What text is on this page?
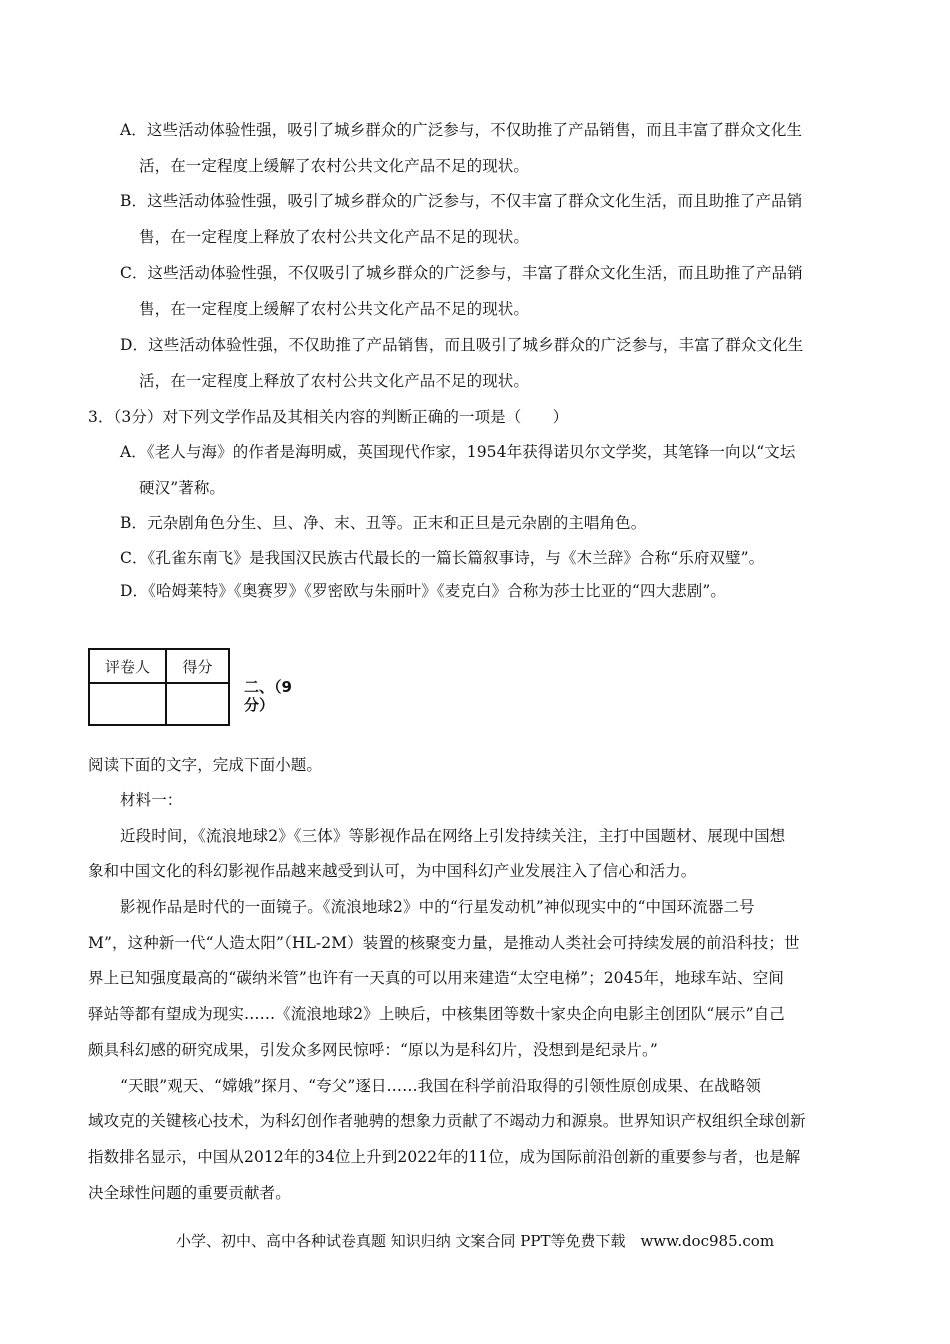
A．这些活动体验性强，吸引了城乡群众的广泛参与，不仅助推了产品销售，而且丰富了群众文化生
活，在一定程度上缓解了农村公共文化产品不足的现状。
B．这些活动体验性强，吸引了城乡群众的广泛参与，不仅丰富了群众文化生活，而且助推了产品销
售，在一定程度上释放了农村公共文化产品不足的现状。
C．这些活动体验性强，不仅吸引了城乡群众的广泛参与，丰富了群众文化生活，而且助推了产品销
售，在一定程度上缓解了农村公共文化产品不足的现状。
D．这些活动体验性强，不仅助推了产品销售，而且吸引了城乡群众的广泛参与，丰富了群众文化生
活，在一定程度上释放了农村公共文化产品不足的现状。
3．（3分）对下列文学作品及其相关内容的判断正确的一项是（　　）
A．《老人与海》的作者是海明威，英国现代作家，1954年获得诺贝尔文学奖，其笔锋一向以“文坛
硬汉”著称。
B．元杂剧角色分生、旦、净、末、丑等。正末和正旦是元杂剧的主唱角色。
C．《孔雀东南飞》是我国汉民族古代最长的一篇长篇叙事诗，与《木兰辞》合称“乐府双璧”。
D．《哈姆莱特》《奥赛罗》《罗密欧与朱丽叶》《麦克白》合称为莎士比亚的“四大悲剧”。
评卷人	得分

二、（9分）
阅读下面的文字，完成下面小题。
材料一：
近段时间，《流浪地球2》《三体》等影视作品在网络上引发持续关注，主打中国题材、展现中国想
象和中国文化的科幻影视作品越来越受到认可，为中国科幻产业发展注入了信心和活力。
影视作品是时代的一面镜子。《流浪地球2》中的“行星发动机”神似现实中的“中国环流器二号
M”，这种新一代“人造太阳”（HL-2M）装置的核聚变力量，是推动人类社会可持续发展的前沿科技；世
界上已知强度最高的“碳纳米管”也许有一天真的可以用来建造“太空电梯”；2045年，地球车站、空间
驿站等都有望成为现实……《流浪地球2》上映后，中核集团等数十家央企向电影主创团队“展示”自己
颇具科幻感的研究成果，引发众多网民惊呼：“原以为是科幻片，没想到是纪录片。”
“天眼”观天、“嫦娥”探月、“夸父”逐日……我国在科学前沿取得的引领性原创成果、在战略领
域攻克的关键核心技术，为科幻创作者驰骋的想象力贡献了不竭动力和源泉。世界知识产权组织全球创新
指数排名显示，中国从2012年的34位上升到2022年的11位，成为国际前沿创新的重要参与者，也是解
决全球性问题的重要贡献者。
小学、初中、高中各种试卷真题 知识归纳 文案合同 PPT等免费下载　www.doc985.com
